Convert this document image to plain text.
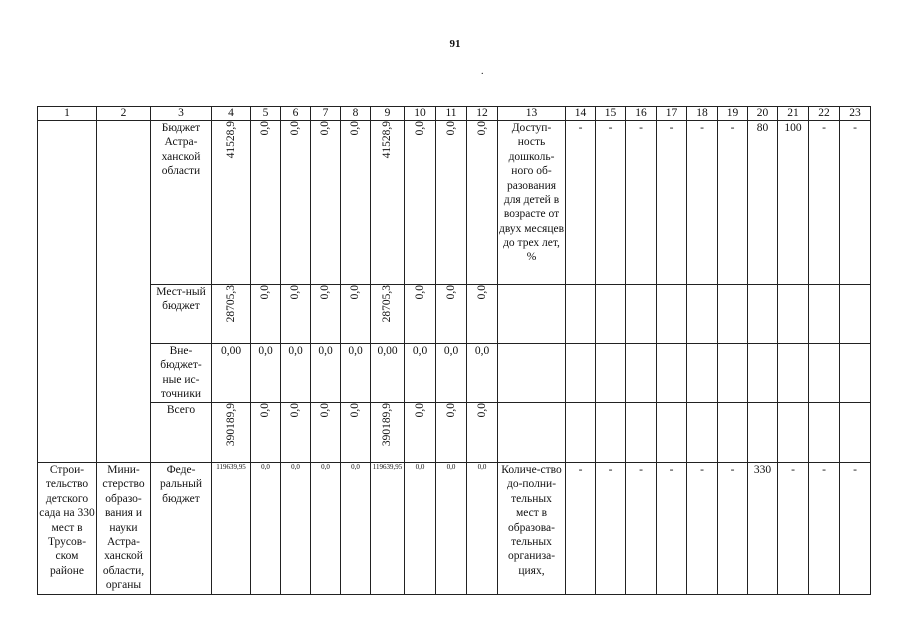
91
.
1	2	3	4	5	6	7	8	9	10	11	12	13	14	15	16	17	18	19	20	21	22	23
		Бюджет Астра-ханской области	41528,9	0,0	0,0	0,0	0,0	41528,9	0,0	0,0	0,0	Доступ-ность дошколь-ного об-разования для детей в возрасте от двух месяцев до трех лет, %	-	-	-	-	-	-	80	100	-	-
		Мест-ный бюджет	28705,3	0,0	0,0	0,0	0,0	28705,3	0,0	0,0	0,0											
		Вне-бюджет-ные ис-точники	0,00	0,0	0,0	0,0	0,0	0,00	0,0	0,0	0,0											
		Всего	390189,9	0,0	0,0	0,0	0,0	390189,9	0,0	0,0	0,0											
Строи-тельство детского сада на 330 мест в Трусов-ском районе	Мини-стерство образо-вания и науки Астра-ханской области, органы	Феде-ральный бюджет	119639,95	0,0	0,0	0,0	0,0	119639,95	0,0	0,0	0,0	Количе-ство до-полни-тельных мест в образова-тельных организа-циях,	-	-	-	-	-	-	330	-	-	-
